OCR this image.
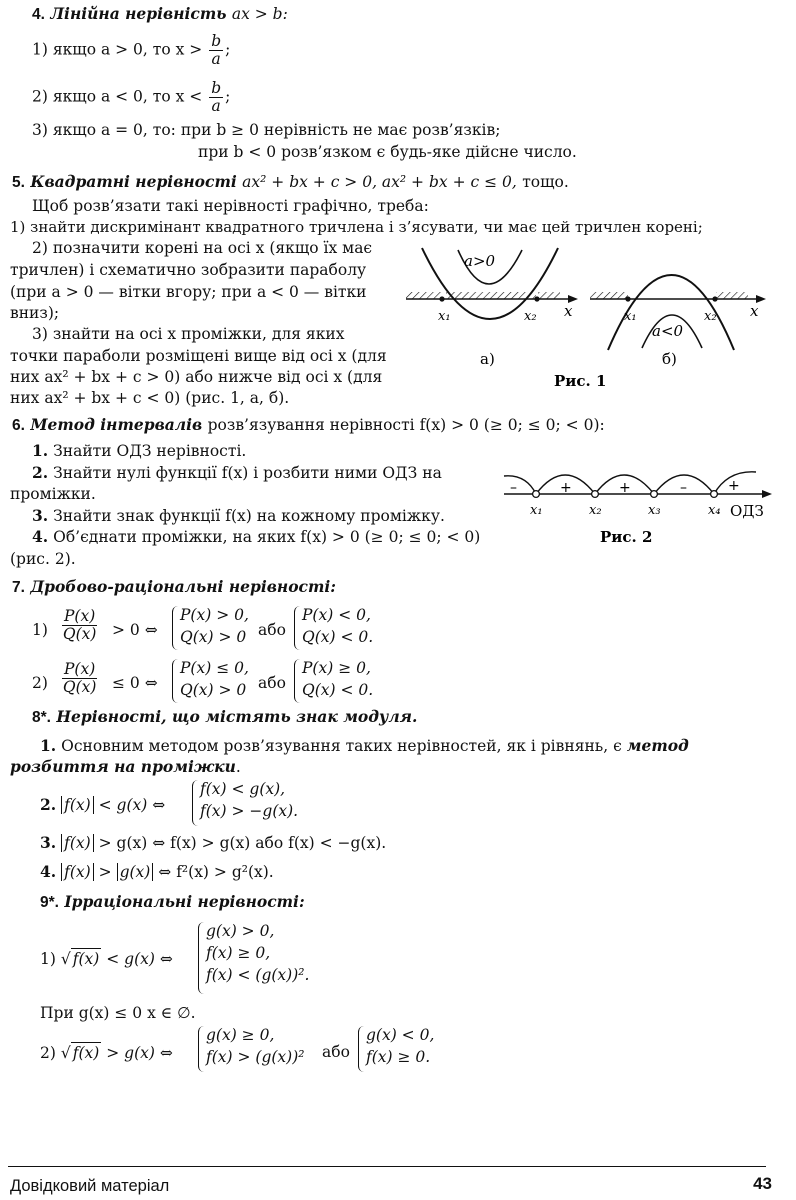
4. Лінійна нерівність ax > b:
1) якщо a > 0, то $x > \frac{b}{a}$ ;
2) якщо a < 0, то $x < \frac{b}{a}$ ;
3) якщо a = 0, то: при b ≥ 0 нерівність не має розв’язків;
при b < 0 розв’язком є будь-яке дійсне число.
5. Квадратні нерівності ax² + bx + c > 0, ax² + bx + c ≤ 0, тощо.
Щоб розв’язати такі нерівності графічно, треба:
1) знайти дискримінант квадратного тричлена і з’ясувати, чи має цей тричлен корені;
2) позначити корені на осі x (якщо їх має
тричлен) і схематично зобразити параболу
(при a > 0 — вітки вгору; при a < 0 — вітки
вниз);
3) знайти на осі x проміжки, для яких
точки параболи розміщені вище від осі x (для
них ax² + bx + c > 0) або нижче від осі x (для
них ax² + bx + c < 0) (рис. 1, а, б).
a>0
x₁	x₂ x
а)
a<0
x₁	x₂ x
б)
Рис. 1
6. Метод інтервалів розв’язування нерівності f(x) > 0 (≥ 0; ≤ 0; < 0):
1. Знайти ОДЗ нерівності.
2. Знайти нулі функції f(x) і розбити ними ОДЗ на
проміжки.
3. Знайти знак функції f(x) на кожному проміжку.
4. Об’єднати проміжки, на яких f(x) > 0 (≥ 0; ≤ 0; < 0)
(рис. 2).
–	+	+	–	+
x₁	x₂	x₃	x₄ ОДЗ
Рис. 2
7. Дробово-раціональні нерівності:
$1) \frac{P(x)}{Q(x)} > 0$ ⇔
P(x) > 0,
Q(x) > 0 або
P(x) < 0,
Q(x) < 0.
$2) \frac{P(x)}{Q(x)} \le 0$ ⇔
P(x) ≤ 0,
Q(x) > 0 або
P(x) ≥ 0,
Q(x) < 0.
8*. Нерівності, що містять знак модуля.
1. Основним методом розв’язування таких нерівностей, як і рівнянь, є метод
розбиття на проміжки.
2. f(x) < g(x) ⇔
f(x) < g(x),
f(x) > −g(x).
3. f(x) > g(x) ⇔ f(x) > g(x) або f(x) < −g(x).
4. f(x) > g(x) ⇔ f²(x) > g²(x).
9*. Ірраціональні нерівності:
1) √ f(x) < g(x) ⇔
g(x) > 0,
f(x) ≥ 0,
f(x) < (g(x))².
При g(x) ≤ 0 x ∈ ∅.
2) √ f(x) > g(x) ⇔
g(x) ≥ 0,
f(x) > (g(x))² або
g(x) < 0,
f(x) ≥ 0.
Довідковий матеріал	43
